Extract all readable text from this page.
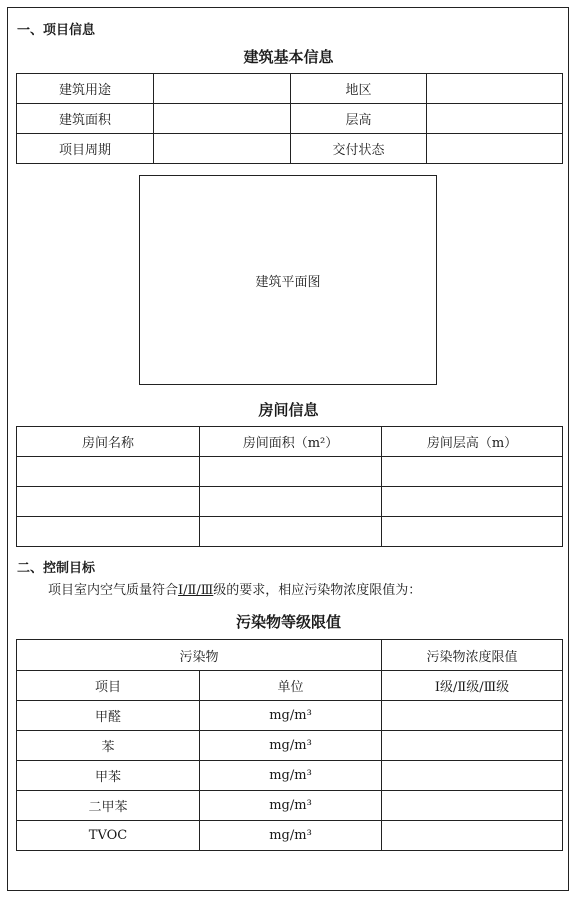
一、项目信息
建筑基本信息
建筑用途		地区	
建筑面积		层高	
项目周期		交付状态	
建筑平面图
房间信息
房间名称	房间面积（m²）	房间层高（m）

二、控制目标
项目室内空气质量符合Ⅰ/Ⅱ/Ⅲ级的要求，相应污染物浓度限值为：
污染物等级限值
污染物		污染物浓度限值
项目	单位	Ⅰ级/Ⅱ级/Ⅲ级
甲醛	mg/m³	
苯	mg/m³	
甲苯	mg/m³	
二甲苯	mg/m³	
TVOC	mg/m³	
